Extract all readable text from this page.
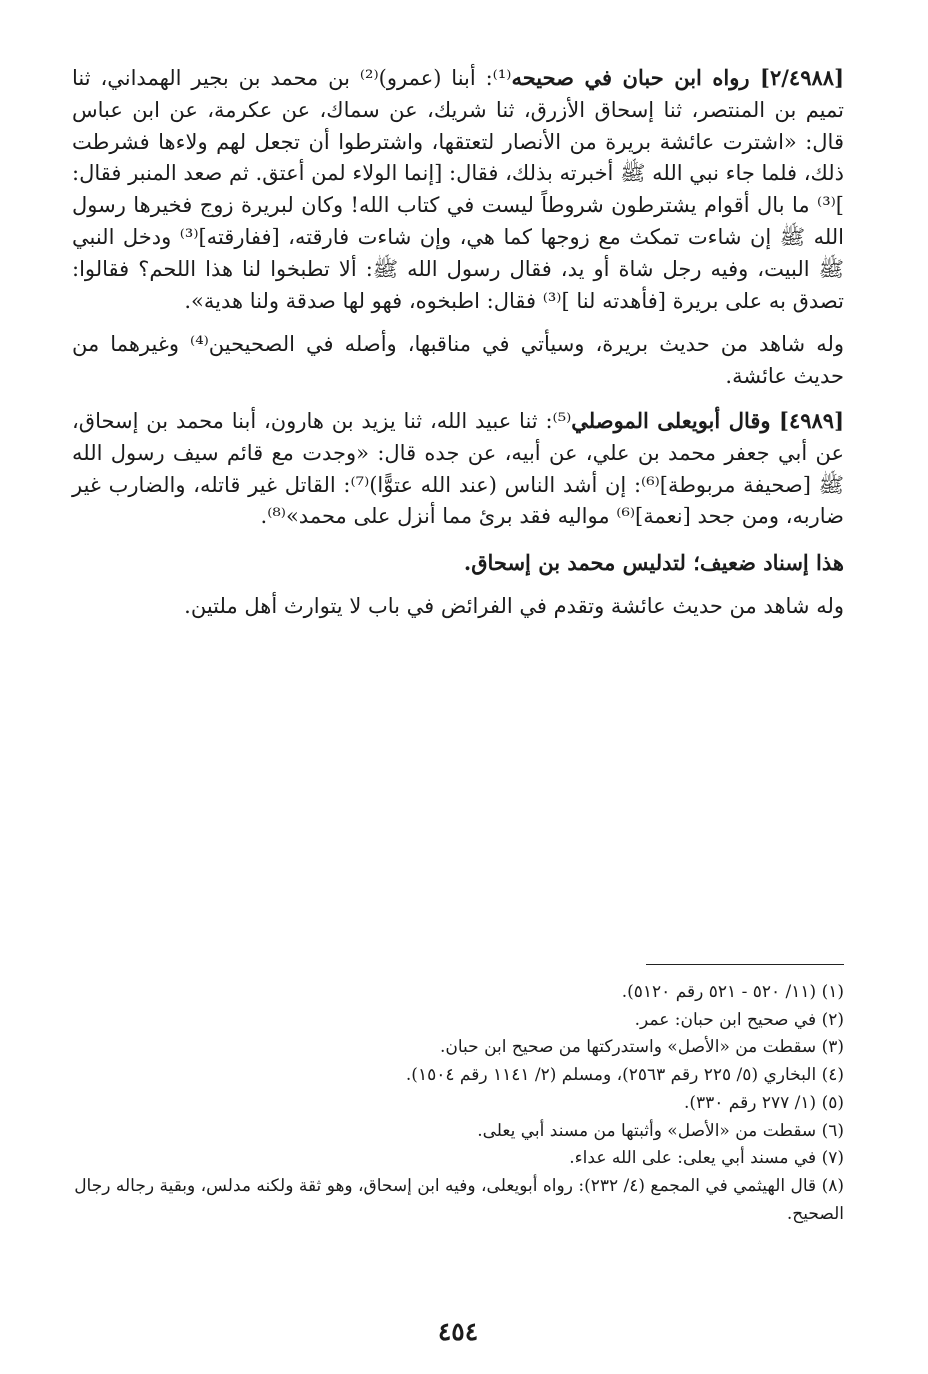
[٢/٤٩٨٨] رواه ابن حبان في صحيحه⁽¹⁾: أبنا (عمرو)⁽²⁾ بن محمد بن بجير الهمداني، ثنا تميم بن المنتصر، ثنا إسحاق الأزرق، ثنا شريك، عن سماك، عن عكرمة، عن ابن عباس قال: «اشترت عائشة بريرة من الأنصار لتعتقها، واشترطوا أن تجعل لهم ولاءها فشرطت ذلك، فلما جاء نبي الله ﷺ أخبرته بذلك، فقال: [إنما الولاء لمن أعتق. ثم صعد المنبر فقال: ]⁽³⁾ ما بال أقوام يشترطون شروطاً ليست في كتاب الله! وكان لبريرة زوج فخيرها رسول الله ﷺ إن شاءت تمكث مع زوجها كما هي، وإن شاءت فارقته، [ففارقته]⁽³⁾ ودخل النبي ﷺ البيت، وفيه رجل شاة أو يد، فقال رسول الله ﷺ: ألا تطبخوا لنا هذا اللحم؟ فقالوا: تصدق به على بريرة [فأهدته لنا ]⁽³⁾ فقال: اطبخوه، فهو لها صدقة ولنا هدية».

وله شاهد من حديث بريرة، وسيأتي في مناقبها، وأصله في الصحيحين⁽⁴⁾ وغيرهما من حديث عائشة.

[٤٩٨٩] وقال أبويعلى الموصلي⁽⁵⁾: ثنا عبيد الله، ثنا يزيد بن هارون، أبنا محمد بن إسحاق، عن أبي جعفر محمد بن علي، عن أبيه، عن جده قال: «وجدت مع قائم سيف رسول الله ﷺ [صحيفة مربوطة]⁽⁶⁾: إن أشد الناس (عند الله عتوًّا)⁽⁷⁾: القاتل غير قاتله، والضارب غير ضاربه، ومن جحد [نعمة]⁽⁶⁾ مواليه فقد برئ مما أنزل على محمد»⁽⁸⁾.

هذا إسناد ضعيف؛ لتدليس محمد بن إسحاق.

وله شاهد من حديث عائشة وتقدم في الفرائض في باب لا يتوارث أهل ملتين.

(١) (١١/ ٥٢٠ - ٥٢١ رقم ٥١٢٠).

(٢) في صحيح ابن حبان: عمر.

(٣) سقطت من «الأصل» واستدركتها من صحيح ابن حبان.

(٤) البخاري (٥/ ٢٢٥ رقم ٢٥٦٣)، ومسلم (٢/ ١١٤١ رقم ١٥٠٤).

(٥) (١/ ٢٧٧ رقم ٣٣٠).

(٦) سقطت من «الأصل» وأثبتها من مسند أبي يعلى.

(٧) في مسند أبي يعلى: على الله عداء.

(٨) قال الهيثمي في المجمع (٤/ ٢٣٢): رواه أبويعلى، وفيه ابن إسحاق، وهو ثقة ولكنه مدلس، وبقية رجاله رجال الصحيح.

٤٥٤
